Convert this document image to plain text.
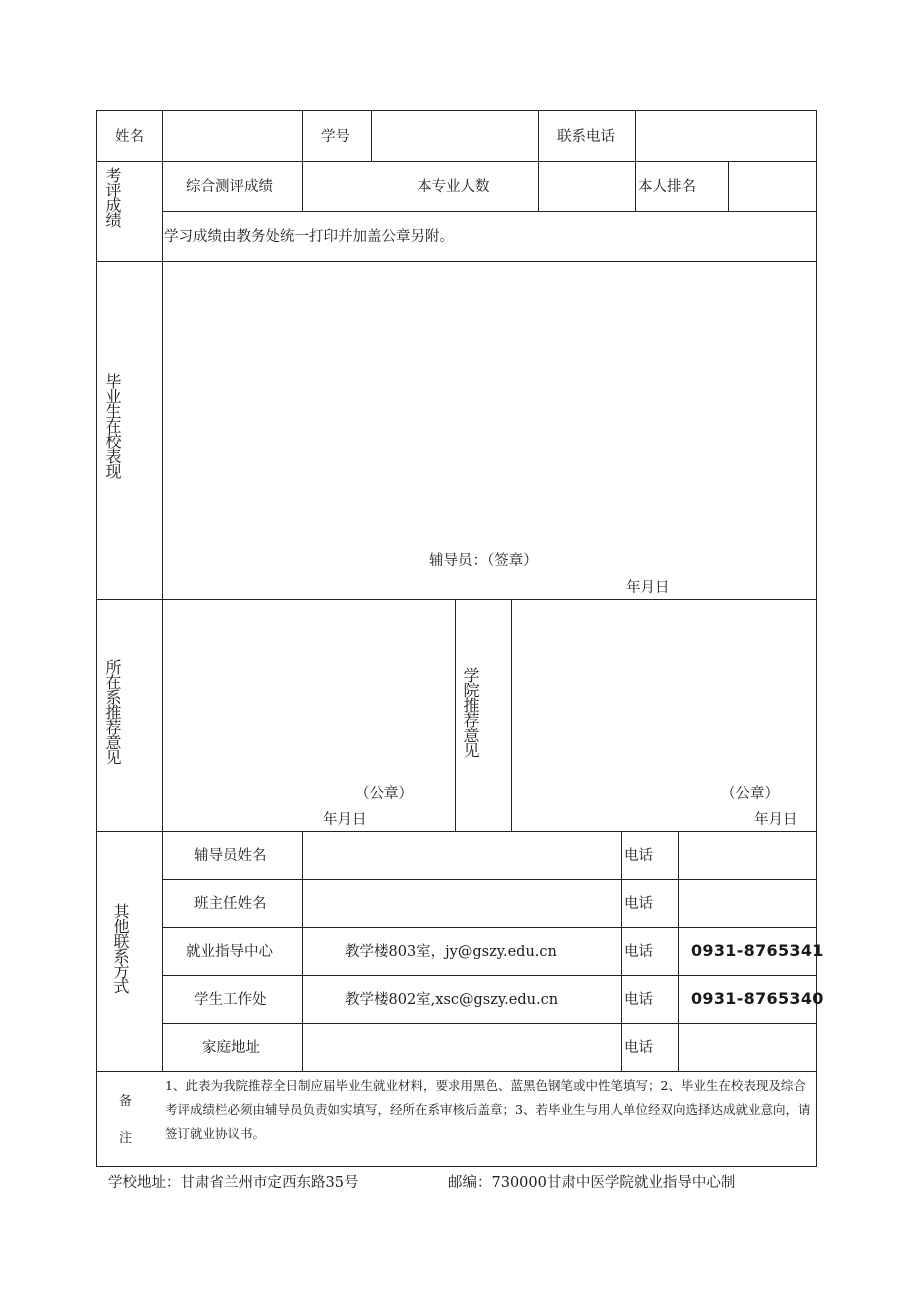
姓名	学号	联系电话
考评成绩	综合测评成绩	本专业人数	本人排名
学习成绩由教务处统一打印并加盖公章另附。
毕业生在校表现
辅导员：（签章）
年月日
所在系推荐意见
（公章）
年月日
学院推荐意见
（公章）
年月日
其他联系方式
辅导员姓名	电话
班主任姓名	电话
就业指导中心	教学楼803室，jy@gszy.edu.cn	电话 0931-8765341
学生工作处	教学楼802室,xsc@gszy.edu.cn	电话 0931-8765340
家庭地址	电话
备
注
1、此表为我院推荐全日制应届毕业生就业材料，要求用黑色、蓝黑色钢笔或中性笔填写；2、毕业生在校表现及综合考评成绩栏必须由辅导员负责如实填写，经所在系审核后盖章；3、若毕业生与用人单位经双向选择达成就业意向，请签订就业协议书。
学校地址：甘肃省兰州市定西东路35号	邮编：730000甘肃中医学院就业指导中心制
